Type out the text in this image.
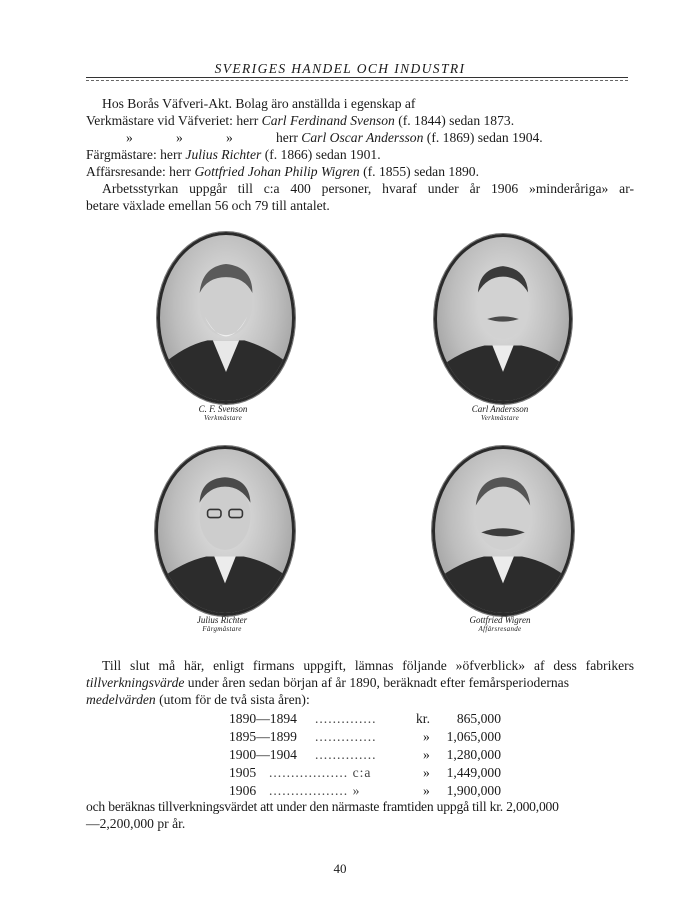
SVERIGES HANDEL OCH INDUSTRI

Hos Borås Väfveri-Akt. Bolag äro anställda i egenskap af

Verkmästare vid Väfveriet: herr Carl Ferdinand Svenson (f. 1844) sedan 1873.

»	»	»	herr Carl Oscar Andersson (f. 1869) sedan 1904.

Färgmästare: herr Julius Richter (f. 1866) sedan 1901.

Affärsresande: herr Gottfried Johan Philip Wigren (f. 1855) sedan 1890.

Arbetsstyrkan uppgår till c:a 400 personer, hvaraf under år 1906 »minderåriga» ar-

betare växlade emellan 56 och 79 till antalet.

C. F. Svenson
Verkmästare
Carl Andersson
Verkmästare
Julius Richter
Färgmästare
Gottfried Wigren
Affärsresande

Till slut må här, enligt firmans uppgift, lämnas följande »öfverblick» af dess fabrikers

tillverkningsvärde under åren sedan början af år 1890, beräknadt efter femårsperiodernas

medelvärden (utom för de två sista åren):

1890—1894 ..............	kr. 865,000
1895—1899 ..............	» 1,065,000
1900—1904 ..............	» 1,280,000
1905 .................. c:a	» 1,449,000
1906 .................. »	» 1,900,000

och beräknas tillverkningsvärdet att under den närmaste framtiden uppgå till kr. 2,000,000

—2,200,000 pr år.

40
